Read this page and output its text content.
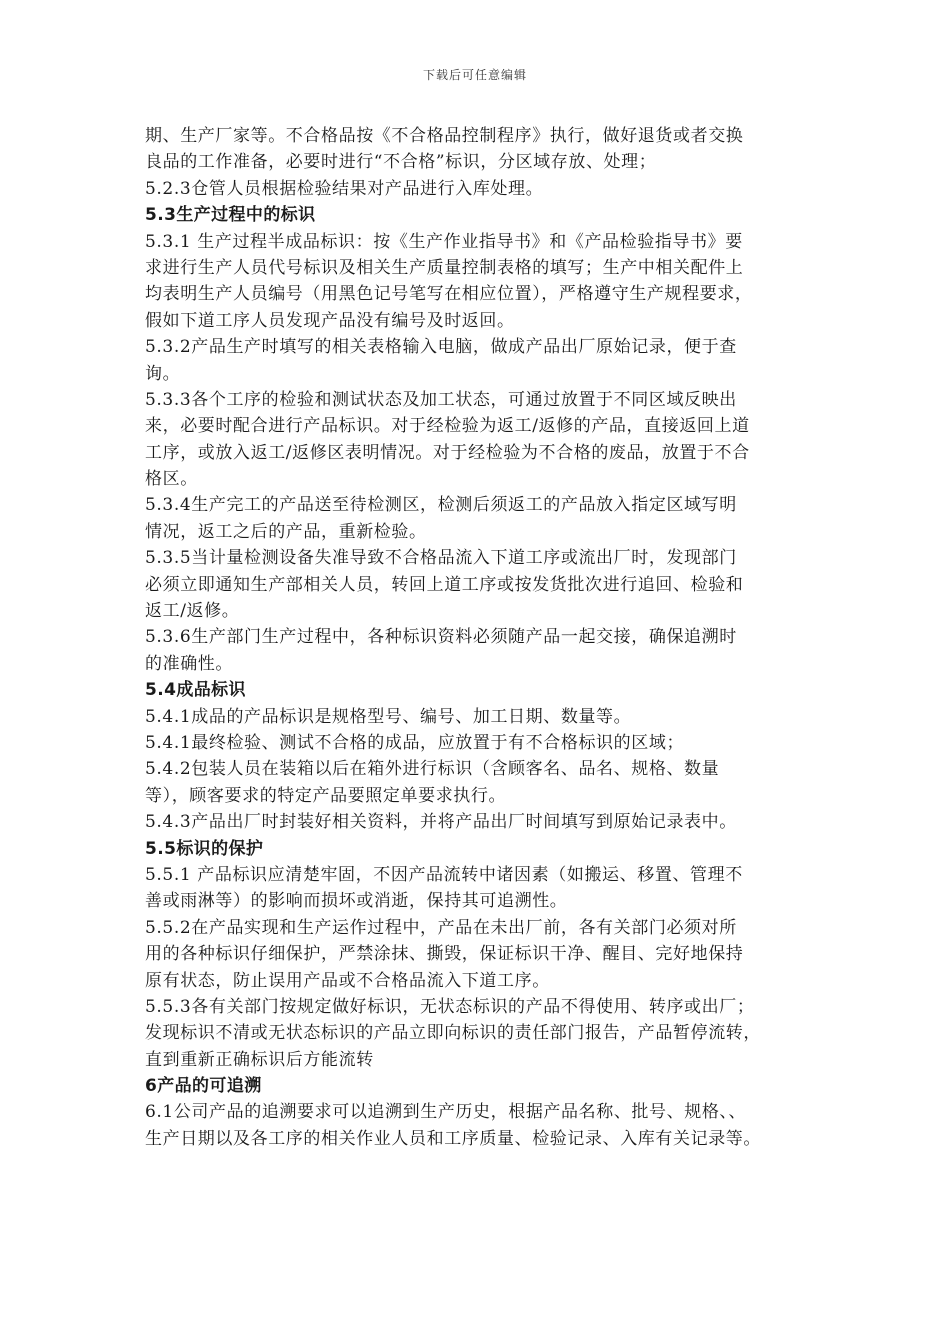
下载后可任意编辑
期、生产厂家等。不合格品按《不合格品控制程序》执行，做好退货或者交换
良品的工作准备，必要时进行“不合格”标识，分区域存放、处理；
5.2.3仓管人员根据检验结果对产品进行入库处理。
5.3生产过程中的标识
5.3.1 生产过程半成品标识：按《生产作业指导书》和《产品检验指导书》要
求进行生产人员代号标识及相关生产质量控制表格的填写；生产中相关配件上
均表明生产人员编号（用黑色记号笔写在相应位置），严格遵守生产规程要求，
假如下道工序人员发现产品没有编号及时返回。
5.3.2产品生产时填写的相关表格输入电脑，做成产品出厂原始记录，便于查
询。
5.3.3各个工序的检验和测试状态及加工状态，可通过放置于不同区域反映出
来，必要时配合进行产品标识。对于经检验为返工/返修的产品，直接返回上道
工序，或放入返工/返修区表明情况。对于经检验为不合格的废品，放置于不合
格区。
5.3.4生产完工的产品送至待检测区，检测后须返工的产品放入指定区域写明
情况，返工之后的产品，重新检验。
5.3.5当计量检测设备失准导致不合格品流入下道工序或流出厂时，发现部门
必须立即通知生产部相关人员，转回上道工序或按发货批次进行追回、检验和
返工/返修。
5.3.6生产部门生产过程中，各种标识资料必须随产品一起交接，确保追溯时
的准确性。
5.4成品标识
5.4.1成品的产品标识是规格型号、编号、加工日期、数量等。
5.4.1最终检验、测试不合格的成品，应放置于有不合格标识的区域；
5.4.2包装人员在装箱以后在箱外进行标识（含顾客名、品名、规格、数量
等），顾客要求的特定产品要照定单要求执行。
5.4.3产品出厂时封装好相关资料，并将产品出厂时间填写到原始记录表中。
5.5标识的保护
5.5.1 产品标识应清楚牢固，不因产品流转中诸因素（如搬运、移置、管理不
善或雨淋等）的影响而损坏或消逝，保持其可追溯性。
5.5.2在产品实现和生产运作过程中，产品在未出厂前，各有关部门必须对所
用的各种标识仔细保护，严禁涂抹、撕毁，保证标识干净、醒目、完好地保持
原有状态，防止误用产品或不合格品流入下道工序。
5.5.3各有关部门按规定做好标识，无状态标识的产品不得使用、转序或出厂；
发现标识不清或无状态标识的产品立即向标识的责任部门报告，产品暂停流转，
直到重新正确标识后方能流转
6产品的可追溯
6.1公司产品的追溯要求可以追溯到生产历史，根据产品名称、批号、规格、、
生产日期以及各工序的相关作业人员和工序质量、检验记录、入库有关记录等。
